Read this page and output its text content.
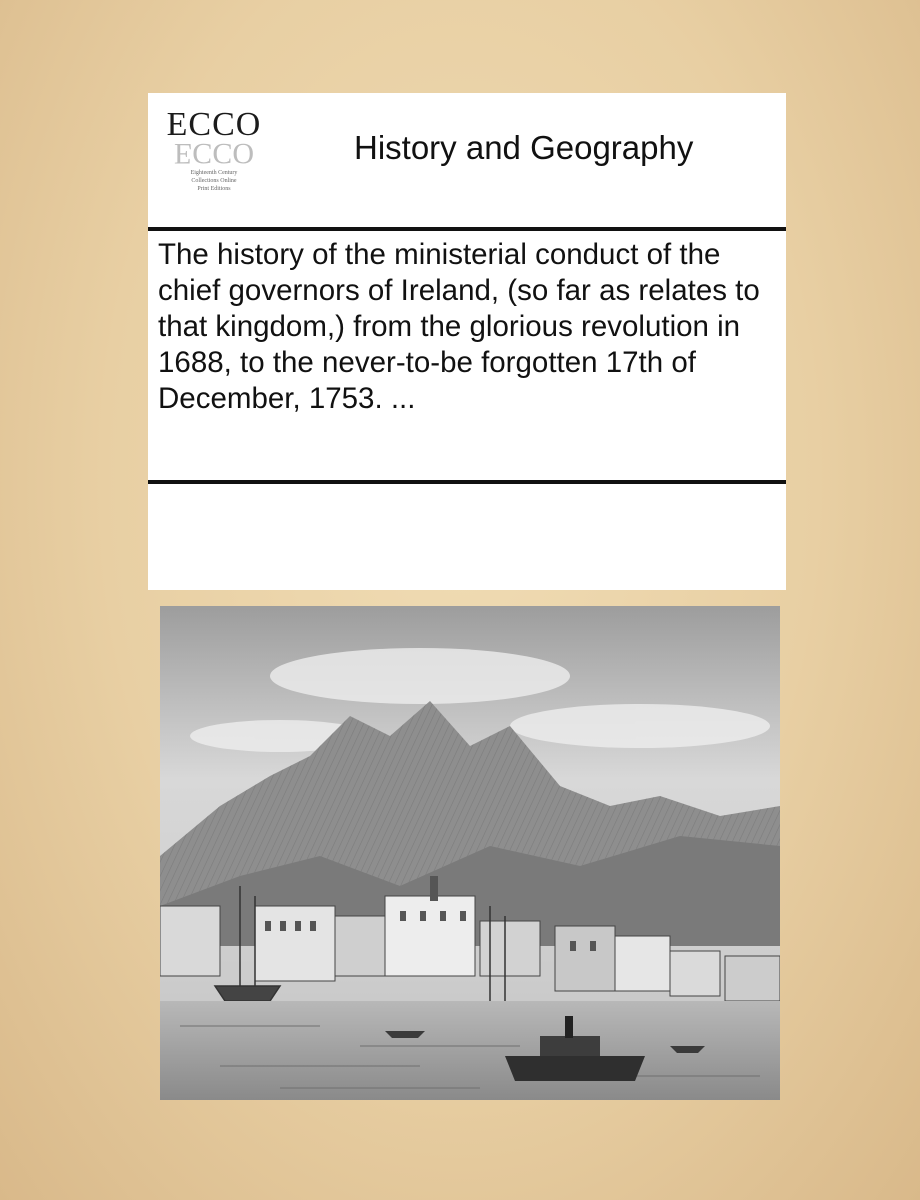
ECCO
ECCO
Eighteenth Century
Collections Online
Print Editions
History and Geography
The history of the ministerial conduct of the chief governors of Ireland, (so far as relates to that kingdom,) from the glorious revolution in 1688, to the never-to-be forgotten 17th of December, 1753. ...
